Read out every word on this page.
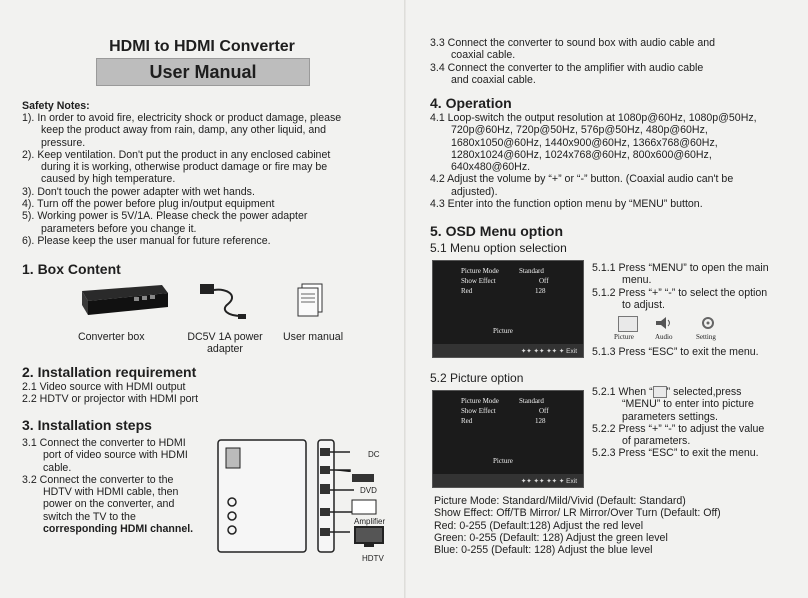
HDMI to HDMI Converter
User Manual
Safety Notes:
1). In order to avoid fire, electricity shock or product damage, please
keep the product away from rain, damp, any other liquid, and
pressure.
2). Keep ventilation. Don't put the product in any enclosed cabinet
during it is working, otherwise product damage or fire may be
caused by high temperature.
3). Don't touch the power adapter with wet hands.
4). Turn off the power before plug in/output equipment
5). Working power is 5V/1A. Please check the power adapter
parameters before you change it.
6). Please keep the user manual for future reference.
1. Box Content
Converter box	DC5V 1A power
adapter
User manual
2. Installation requirement
2.1 Video source with HDMI output
2.2 HDTV or projector with HDMI port
3. Installation steps
3.1 Connect the converter to HDMI
port of video source with HDMI
cable.
3.2 Connect the converter to the
HDTV with HDMI cable, then
power on the converter, and
switch the TV to the
corresponding HDMI channel.
DC
DVD
Amplifier
HDTV
3.3 Connect the converter to sound box with audio cable and
coaxial cable.
3.4 Connect the converter to the amplifier with audio cable
and coaxial cable.
4. Operation
4.1 Loop-switch the output resolution at 1080p@60Hz, 1080p@50Hz,
720p@60Hz, 720p@50Hz, 576p@50Hz, 480p@60Hz,
1680x1050@60Hz, 1440x900@60Hz, 1366x768@60Hz,
1280x1024@60Hz, 1024x768@60Hz, 800x600@60Hz,
640x480@60Hz.
4.2 Adjust the volume by “+” or “-” button. (Coaxial audio can't be
adjusted).
4.3 Enter into the function option menu by “MENU” button.
5. OSD Menu option
5.1 Menu option selection
Picture Mode	Standard
Show Effect	Off
Red	128
Picture
✦✦ ✦✦ ✦✦ ✦ Exit
5.1.1 Press “MENU” to open the main
menu.
5.1.2 Press “+” “-” to select the option
to adjust.
Picture	Audio	Setting
5.1.3 Press “ESC” to exit the menu.
5.2 Picture option
Picture Mode	Standard
Show Effect	Off
Red	128
Picture
✦✦ ✦✦ ✦✦ ✦ Exit
5.2.1 When “ ” selected,press
“MENU” to enter into picture
parameters settings.
5.2.2 Press “+” “-” to adjust the value
of parameters.
5.2.3 Press “ESC” to exit the menu.
Picture Mode: Standard/Mild/Vivid (Default: Standard)
Show Effect: Off/TB Mirror/ LR Mirror/Over Turn (Default: Off)
Red: 0-255 (Default:128) Adjust the red level
Green: 0-255 (Default: 128) Adjust the green level
Blue: 0-255 (Default: 128) Adjust the blue level
